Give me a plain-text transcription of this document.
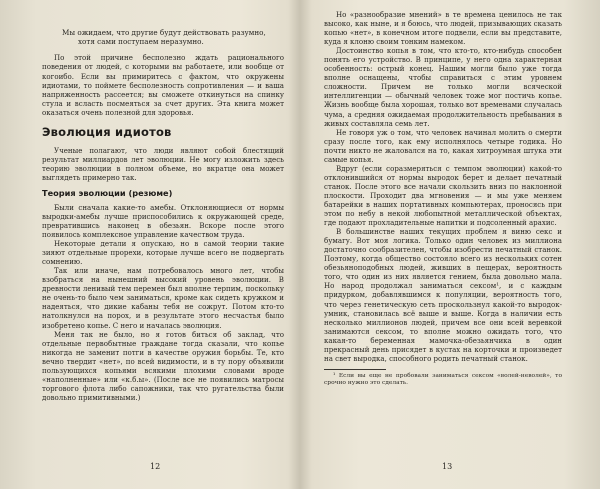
Мы ожидаем, что другие будут действовать разумно,
хотя сами поступаем неразумно.

По этой причине бесполезно ждать рационального поведения от людей, с которыми вы работаете, или вообще от когоибо. Если вы примиритесь с фактом, что окружены идиотами, то поймете бесполезность сопротивления — и ваша напряженность рассеется; вы сможете откинуться на спинку стула и всласть посмеяться за счет других. Эта книга может оказаться очень полезной для здоровья.

Эволюция идиотов

Ученые полагают, что люди являют собой блестящий результат миллиардов лет эволюции. Не могу изложить здесь теорию эволюции в полном объеме, но вкратце она может выглядеть примерно так.

Теория эволюции (резюме)

Были сначала какие-то амебы. Отклоняющиеся от нормы выродки-амебы лучше приспособились к окружающей среде, превратившись наконец в обезьян. Вскоре после этого появилось комплексное управление качеством труда.

Некоторые детали я опускаю, но в самой теории такие зияют отдельные прорехи, которые лучше всего не подвергать сомнению.

Так или иначе, нам потребовалось много лет, чтобы взобраться на нынешний высокий уровень эволюции. В древности ленивый тем перемен был вполне терпим, поскольку не очень-то было чем заниматься, кроме как сидеть кружком и надеяться, что дикие кабаны тебя не сожрут. Потом кто-то натолкнулся на порох, и в результате этого несчастья было изобретено копье. С него и началась эволюция.

Меня так не было, но я готов биться об заклад, что отдельные первобытные граждане тогда сказали, что копье никогда не заменит потги в качестве оружия борьбы. Те, кто вечно твердит «нет», по всей видимости, и в ту пору объявили пользующихся копьями всякими плохими словами вроде «наполненные» или «к.б.ы». (После все не появились матросы торгового флота либо сапожники, так что ругательства были довольно примитивными.)

12

Но «разнообразие мнений» в те времена ценилось не так высоко, как ныне, и я боюсь, что людей, призывающих сказать копью «нет», в конечном итоге подвели, если вы представите, куда я клоню своим тонким намеком.

Достоинство копья в том, что кто-то, кто-нибудь способен понять его устройство. В принципе, у него одна характерная особенность: острый конец. Нашим могли было уже тогда вполне оснащены, чтобы справиться с этим уровнем сложности. Причем не только могли всяческой интеллигенции — обычный человек тоже мог постичь копье. Жизнь вообще была хорошая, только вот временами случалась чума, а средняя ожидаемая продолжительность пребывания в живых составляла семь лет.

Не говоря уж о том, что человек начинал молить о смерти сразу после того, как ему исполнялось четыре годика. Но почти никто не жаловался на то, какая хитроумная штука эти самые копья.

Вдруг (если соразмеряться с темпом эволюции) какой-то отклонившийся от нормы выродок берет и делает печатный станок. После этого все начали скользить вниз по наклонной плоскости. Проходит два мгновения — и мы уже меняем батарейки в наших портативных компьютерах, проносясь при этом по небу в некой любопытной металлической объектах, где подают прохладительные напитки и подсоленный арахис.

В большинстве наших текущих проблем я виню секс и бумагу. Вот моя логика. Только один человек из миллиона достаточно сообразителен, чтобы изобрести печатный станок. Поэтому, когда общество состояло всего из нескольких сотен обезьяноподобных людей, живших в пещерах, вероятность того, что один из них является гением, была довольно мала. Но народ продолжал заниматься сексом¹, и с каждым придурком, добавлявшимся к популяции, вероятность того, что через генетическую сеть проскользнул какой-то выродок-умник, становилась всё выше и выше. Когда в наличии есть несколько миллионов людей, причем все они всей веревкой занимаются сексом, то вполне можно ожидать того, что какая-то беременная мамочка-обезьянчика в один прекрасный день присядет в кустах на корточки и произведет на свет выродка, способного родить печатный станок.

¹ Если вы еще не пробовали заниматься сексом «волей-неволей», то срочно нужно это сделать.

13
